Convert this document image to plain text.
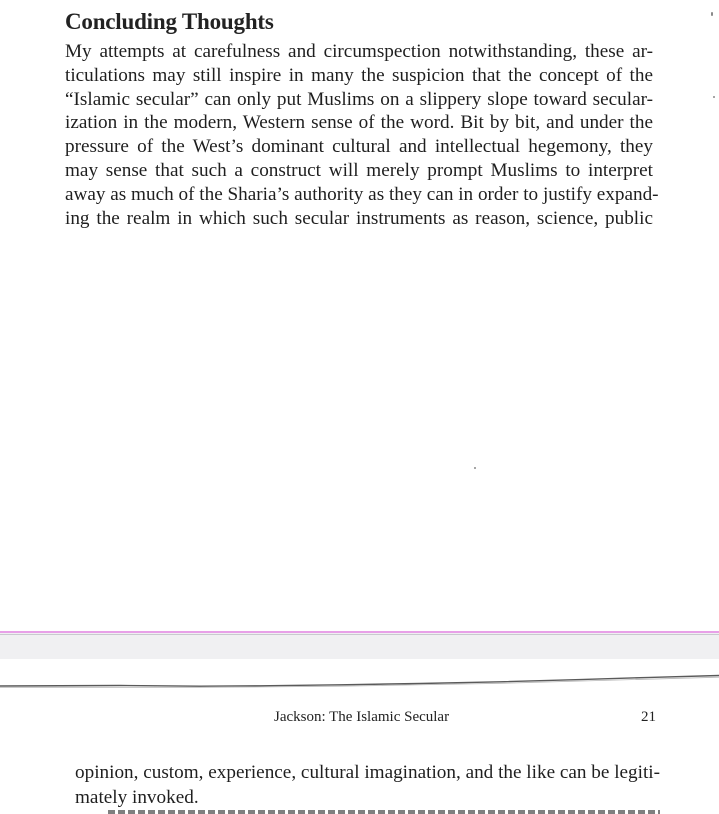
Concluding Thoughts
My attempts at carefulness and circumspection notwithstanding, these ar-
ticulations may still inspire in many the suspicion that the concept of the
“Islamic secular” can only put Muslims on a slippery slope toward secular-
ization in the modern, Western sense of the word. Bit by bit, and under the
pressure of the West’s dominant cultural and intellectual hegemony, they
may sense that such a construct will merely prompt Muslims to interpret
away as much of the Sharia’s authority as they can in order to justify expand-
ing the realm in which such secular instruments as reason, science, public
Jackson: The Islamic Secular	21
opinion, custom, experience, cultural imagination, and the like can be legiti-
mately invoked.
